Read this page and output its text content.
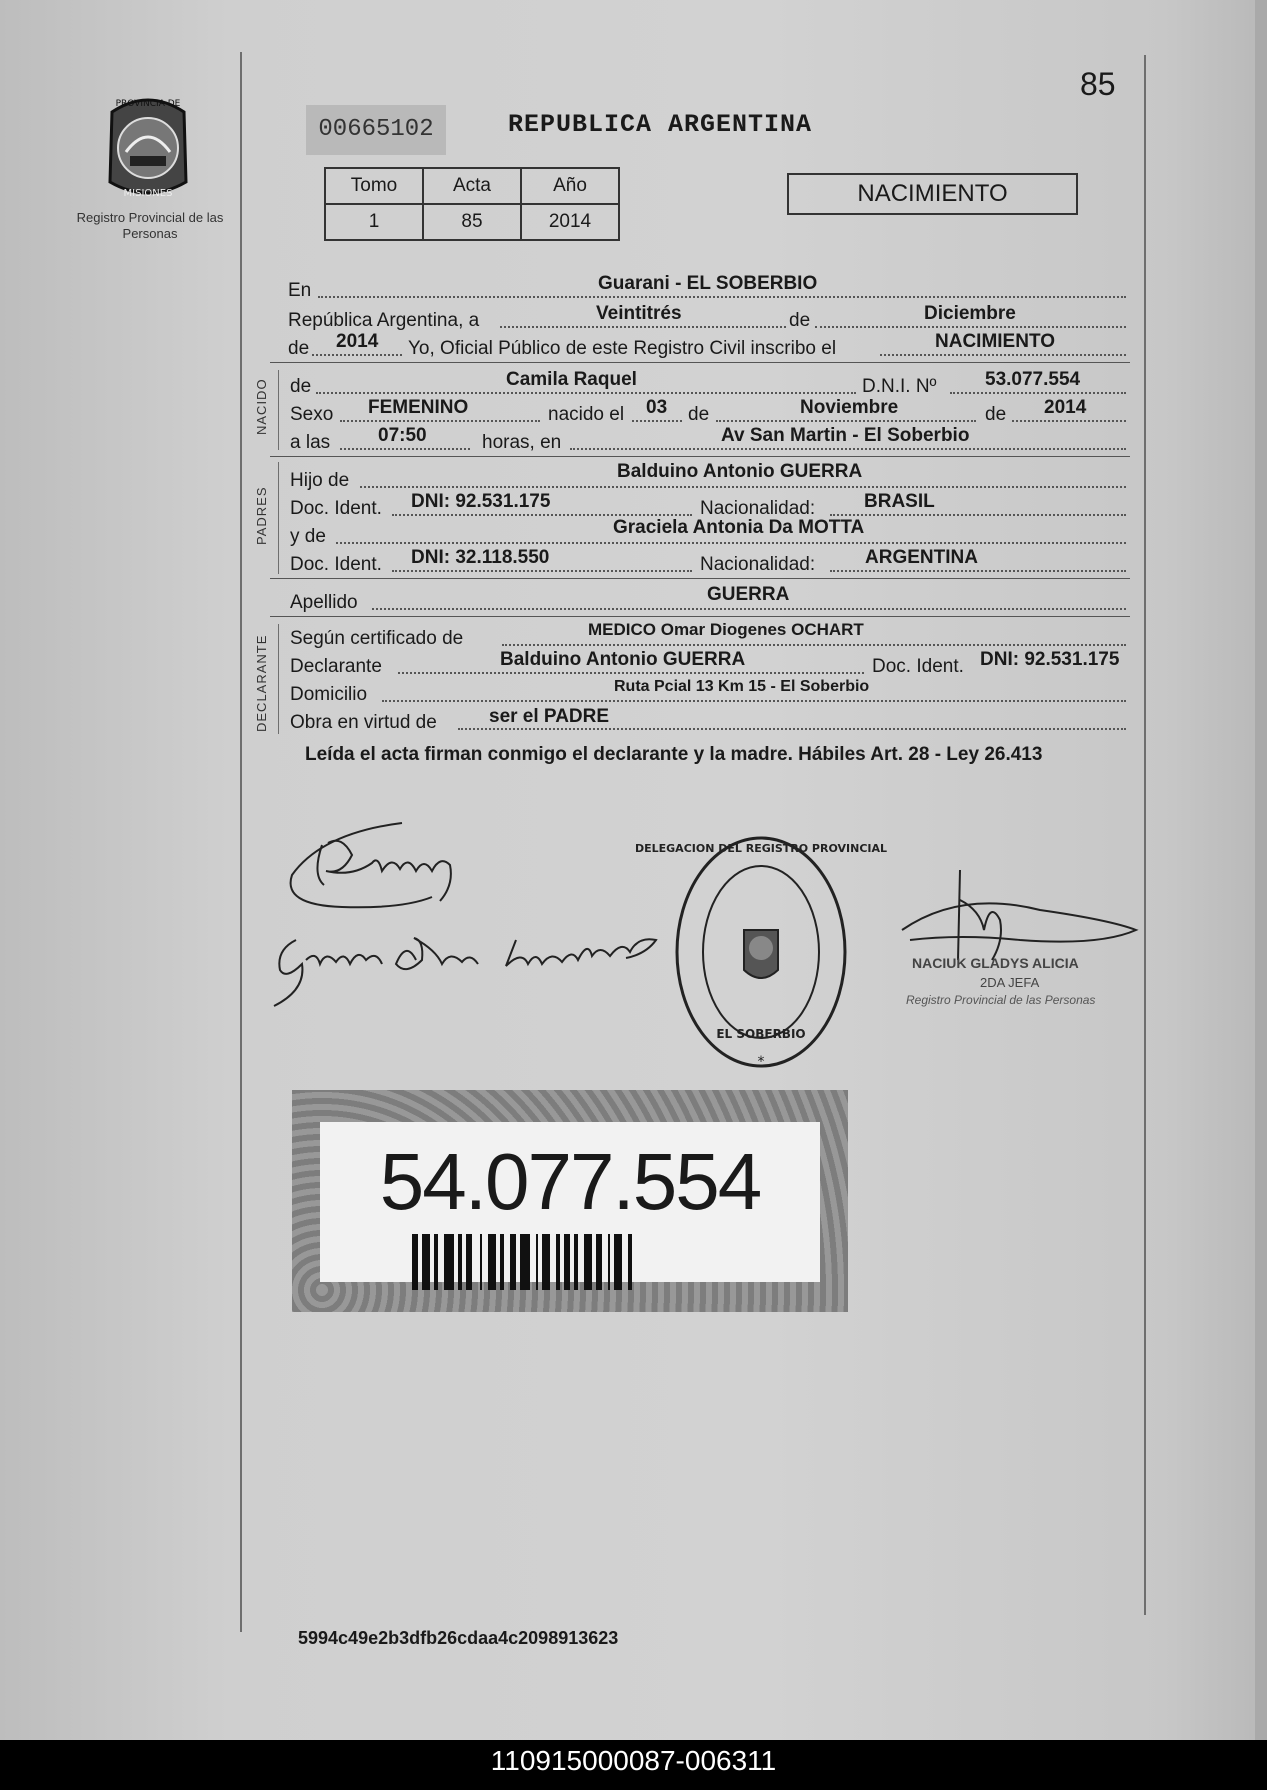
PROVINCIA DE
MISIONES
Registro Provincial de las Personas
00665102	REPUBLICA ARGENTINA
85
Tomo	Acta	Año
1	85	2014
NACIMIENTO
En	Guarani - EL SOBERBIO
República Argentina, a	Veintitrés	de	Diciembre
de 2014 Yo, Oficial Público de este Registro Civil inscribo el	NACIMIENTO
NACIDO de	Camila Raquel	D.N.I. Nº	53.077.554
Sexo FEMENINO	nacido el 03 de	Noviembre	de 2014
a las	07:50	horas, en	Av San Martin - El Soberbio
PADRES
Hijo de	Balduino Antonio GUERRA
Doc. Ident. DNI: 92.531.175	Nacionalidad:	BRASIL
y de	Graciela Antonia Da MOTTA
Doc. Ident. DNI: 32.118.550	Nacionalidad:	ARGENTINA
Apellido	GUERRA
DECLARANTE Según certificado de	MEDICO Omar Diogenes OCHART
Declarante	Balduino Antonio GUERRA	Doc. Ident. DNI: 92.531.175
Domicilio	Ruta Pcial 13 Km 15 - El Soberbio
Obra en virtud de	ser el PADRE
Leída el acta firman conmigo el declarante y la madre. Hábiles Art. 28 - Ley 26.413
*
DELEGACION DEL REGISTRO PROVINCIAL
EL SOBERBIO
NACIUK GLADYS ALICIA
2DA JEFA
Registro Provincial de las Personas
54.077.554
5994c49e2b3dfb26cdaa4c2098913623
110915000087-006311
